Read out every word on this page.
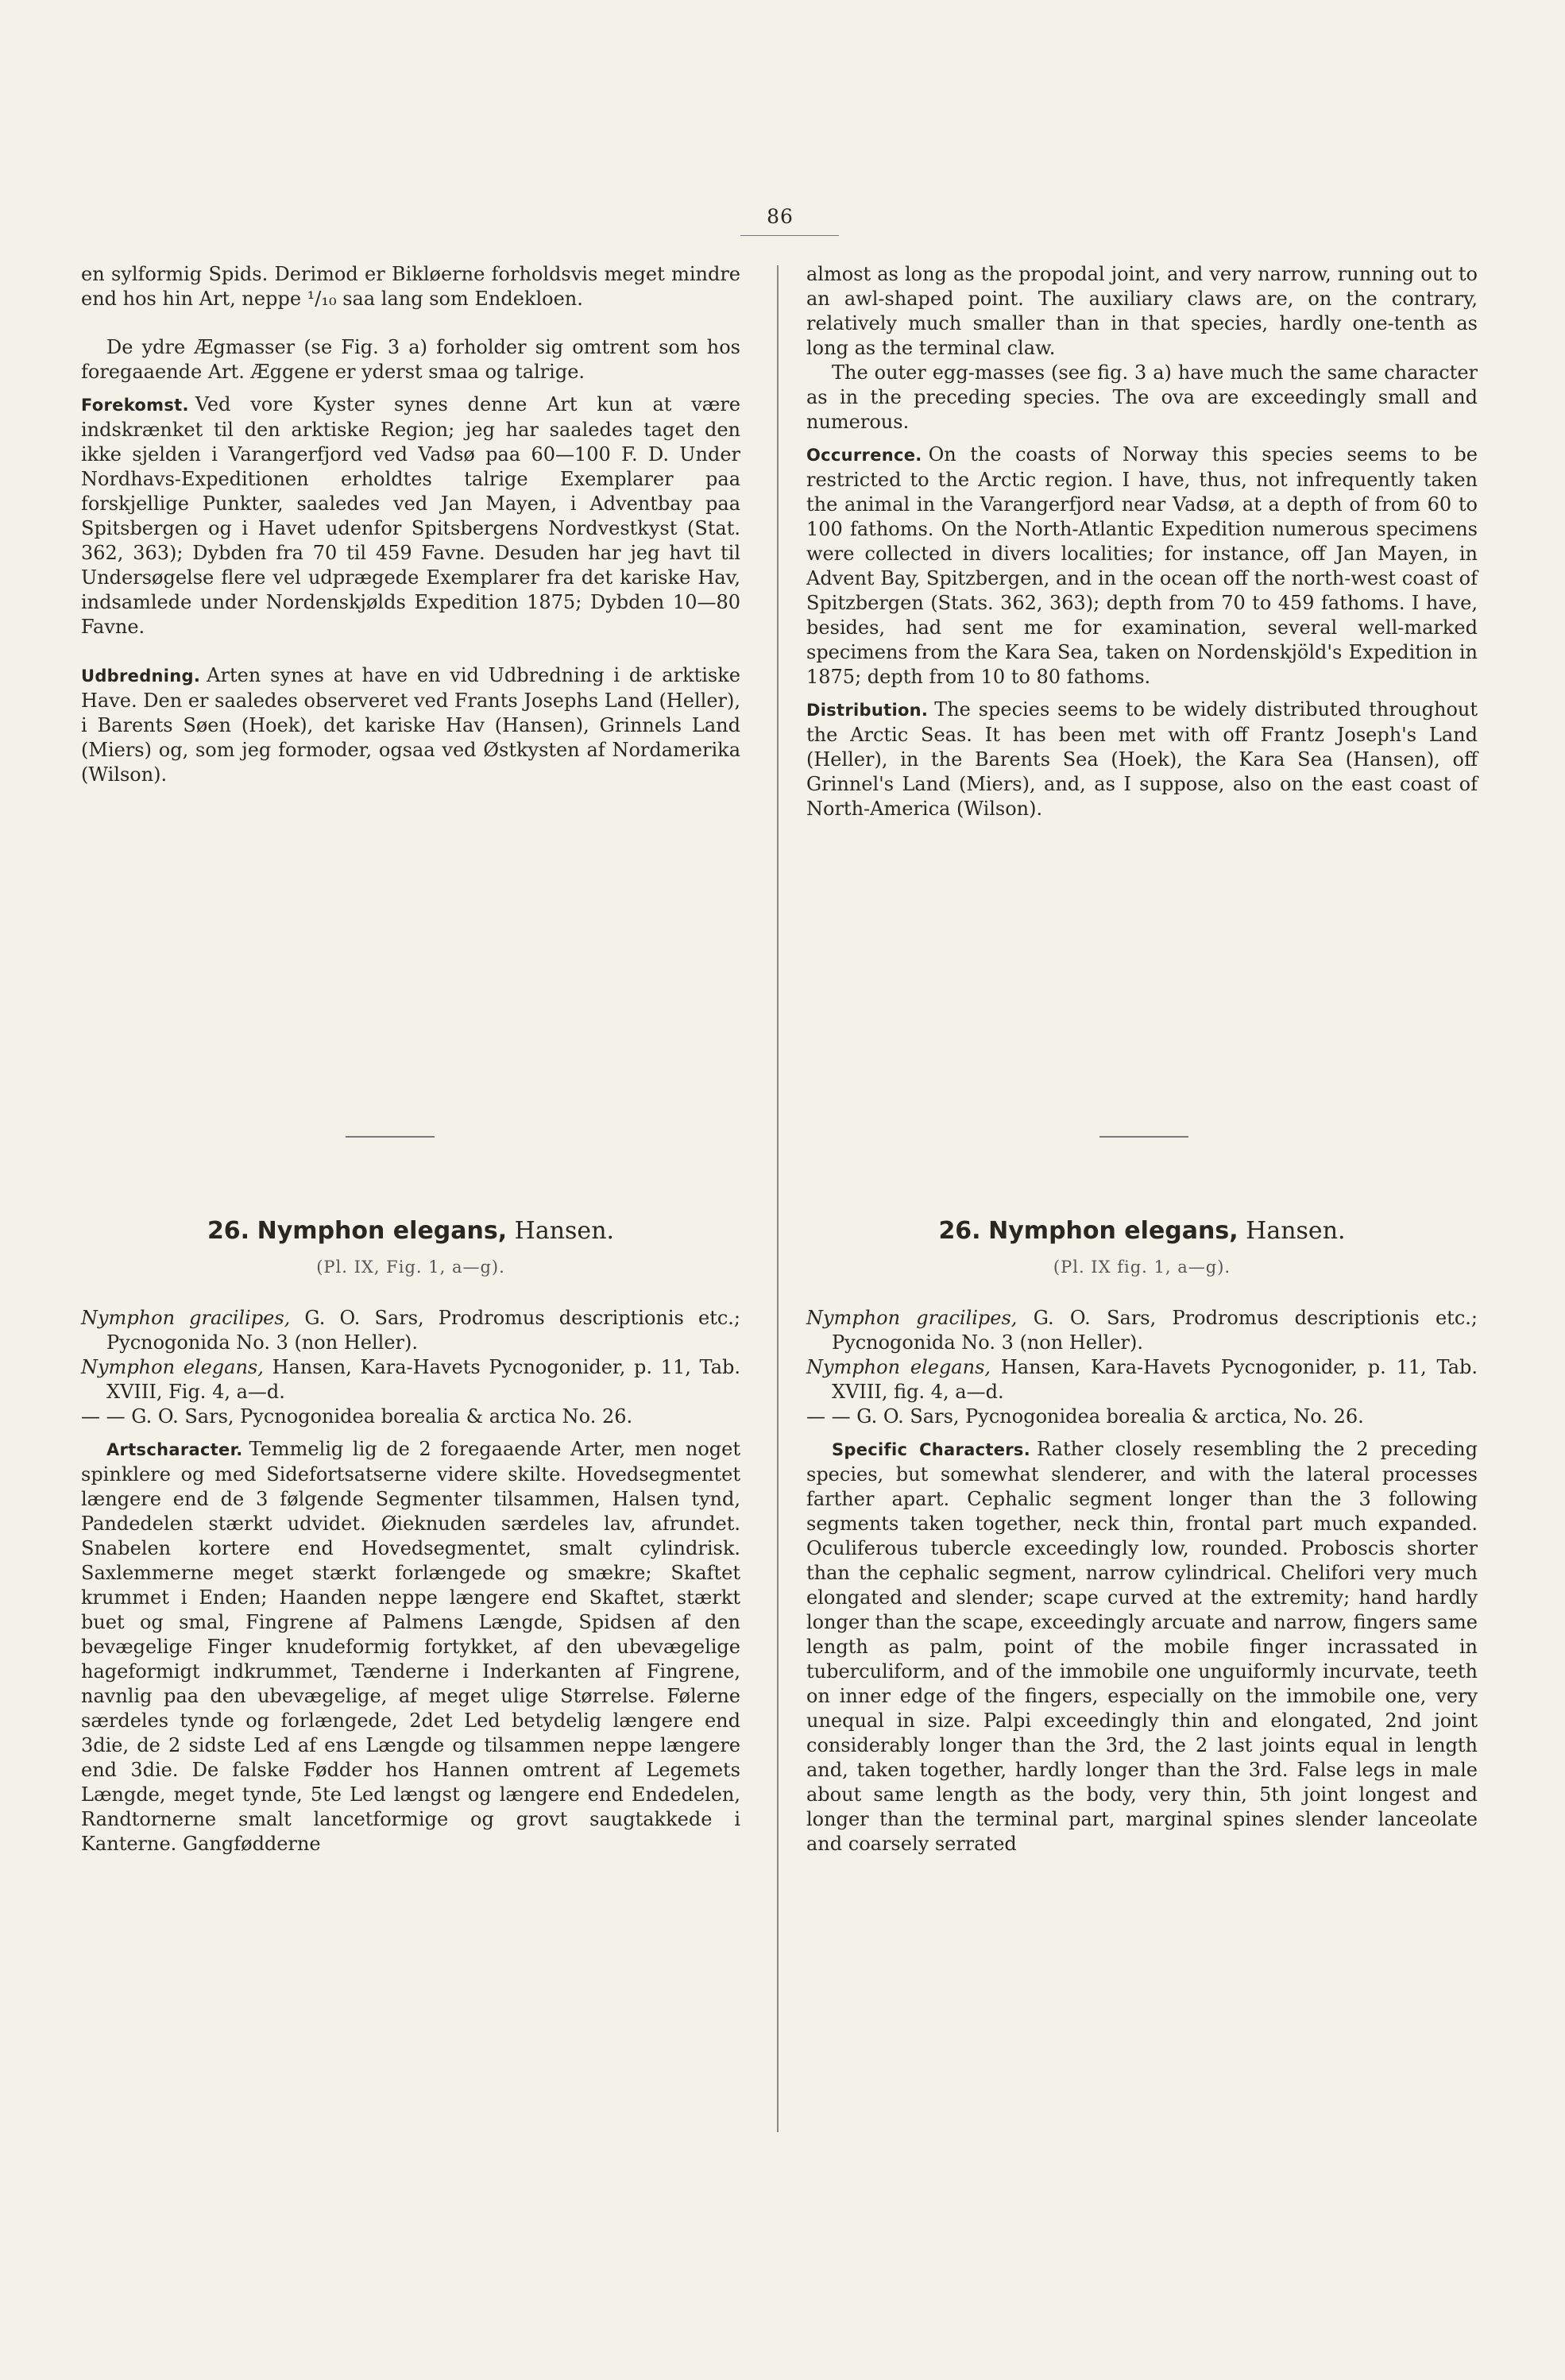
86

en sylformig Spids. Derimod er Bikløerne forholdsvis meget mindre end hos hin Art, neppe ¹/₁₀ saa lang som Endekloen.

De ydre Ægmasser (se Fig. 3 a) forholder sig omtrent som hos foregaaende Art. Æggene er yderst smaa og talrige.

Forekomst. Ved vore Kyster synes denne Art kun at være indskrænket til den arktiske Region; jeg har saaledes taget den ikke sjelden i Varangerfjord ved Vadsø paa 60—100 F. D. Under Nordhavs-Expeditionen erholdtes talrige Exemplarer paa forskjellige Punkter, saaledes ved Jan Mayen, i Adventbay paa Spitsbergen og i Havet udenfor Spitsbergens Nordvestkyst (Stat. 362, 363); Dybden fra 70 til 459 Favne. Desuden har jeg havt til Undersøgelse flere vel udprægede Exemplarer fra det kariske Hav, indsamlede under Nordenskjølds Expedition 1875; Dybden 10—80 Favne.

Udbredning. Arten synes at have en vid Udbredning i de arktiske Have. Den er saaledes observeret ved Frants Josephs Land (Heller), i Barents Søen (Hoek), det kariske Hav (Hansen), Grinnels Land (Miers) og, som jeg formoder, ogsaa ved Østkysten af Nordamerika (Wilson).

almost as long as the propodal joint, and very narrow, running out to an awl-shaped point. The auxiliary claws are, on the contrary, relatively much smaller than in that species, hardly one-tenth as long as the terminal claw.

The outer egg-masses (see fig. 3 a) have much the same character as in the preceding species. The ova are exceedingly small and numerous.

Occurrence. On the coasts of Norway this species seems to be restricted to the Arctic region. I have, thus, not infrequently taken the animal in the Varangerfjord near Vadsø, at a depth of from 60 to 100 fathoms. On the North-Atlantic Expedition numerous specimens were collected in divers localities; for instance, off Jan Mayen, in Advent Bay, Spitzbergen, and in the ocean off the north-west coast of Spitzbergen (Stats. 362, 363); depth from 70 to 459 fathoms. I have, besides, had sent me for examination, several well-marked specimens from the Kara Sea, taken on Nordenskjöld's Expedition in 1875; depth from 10 to 80 fathoms.

Distribution. The species seems to be widely distributed throughout the Arctic Seas. It has been met with off Frantz Joseph's Land (Heller), in the Barents Sea (Hoek), the Kara Sea (Hansen), off Grinnel's Land (Miers), and, as I suppose, also on the east coast of North-America (Wilson).

26. Nymphon elegans, Hansen.
(Pl. IX, Fig. 1, a—g).
26. Nymphon elegans, Hansen.
(Pl. IX fig. 1, a—g).

Nymphon gracilipes, G. O. Sars, Prodromus descriptionis etc.; Pycnogonida No. 3 (non Heller).

Nymphon elegans, Hansen, Kara-Havets Pycnogonider, p. 11, Tab. XVIII, Fig. 4, a—d.

— — G. O. Sars, Pycnogonidea borealia & arctica No. 26.

Artscharacter. Temmelig lig de 2 foregaaende Arter, men noget spinklere og med Sidefortsatserne videre skilte. Hovedsegmentet længere end de 3 følgende Segmenter tilsammen, Halsen tynd, Pandedelen stærkt udvidet. Øieknuden særdeles lav, afrundet. Snabelen kortere end Hovedsegmentet, smalt cylindrisk. Saxlemmerne meget stærkt forlængede og smækre; Skaftet krummet i Enden; Haanden neppe længere end Skaftet, stærkt buet og smal, Fingrene af Palmens Længde, Spidsen af den bevægelige Finger knudeformig fortykket, af den ubevægelige hageformigt indkrummet, Tænderne i Inderkanten af Fingrene, navnlig paa den ubevægelige, af meget ulige Størrelse. Følerne særdeles tynde og forlængede, 2det Led betydelig længere end 3die, de 2 sidste Led af ens Længde og tilsammen neppe længere end 3die. De falske Fødder hos Hannen omtrent af Legemets Længde, meget tynde, 5te Led længst og længere end Endedelen, Randtornerne smalt lancetformige og grovt saugtakkede i Kanterne. Gangfødderne

Nymphon gracilipes, G. O. Sars, Prodromus descriptionis etc.; Pycnogonida No. 3 (non Heller).

Nymphon elegans, Hansen, Kara-Havets Pycnogonider, p. 11, Tab. XVIII, fig. 4, a—d.

— — G. O. Sars, Pycnogonidea borealia & arctica, No. 26.

Specific Characters. Rather closely resembling the 2 preceding species, but somewhat slenderer, and with the lateral processes farther apart. Cephalic segment longer than the 3 following segments taken together, neck thin, frontal part much expanded. Oculiferous tubercle exceedingly low, rounded. Proboscis shorter than the cephalic segment, narrow cylindrical. Chelifori very much elongated and slender; scape curved at the extremity; hand hardly longer than the scape, exceedingly arcuate and narrow, fingers same length as palm, point of the mobile finger incrassated in tuberculiform, and of the immobile one unguiformly incurvate, teeth on inner edge of the fingers, especially on the immobile one, very unequal in size. Palpi exceedingly thin and elongated, 2nd joint considerably longer than the 3rd, the 2 last joints equal in length and, taken together, hardly longer than the 3rd. False legs in male about same length as the body, very thin, 5th joint longest and longer than the terminal part, marginal spines slender lanceolate and coarsely serrated
